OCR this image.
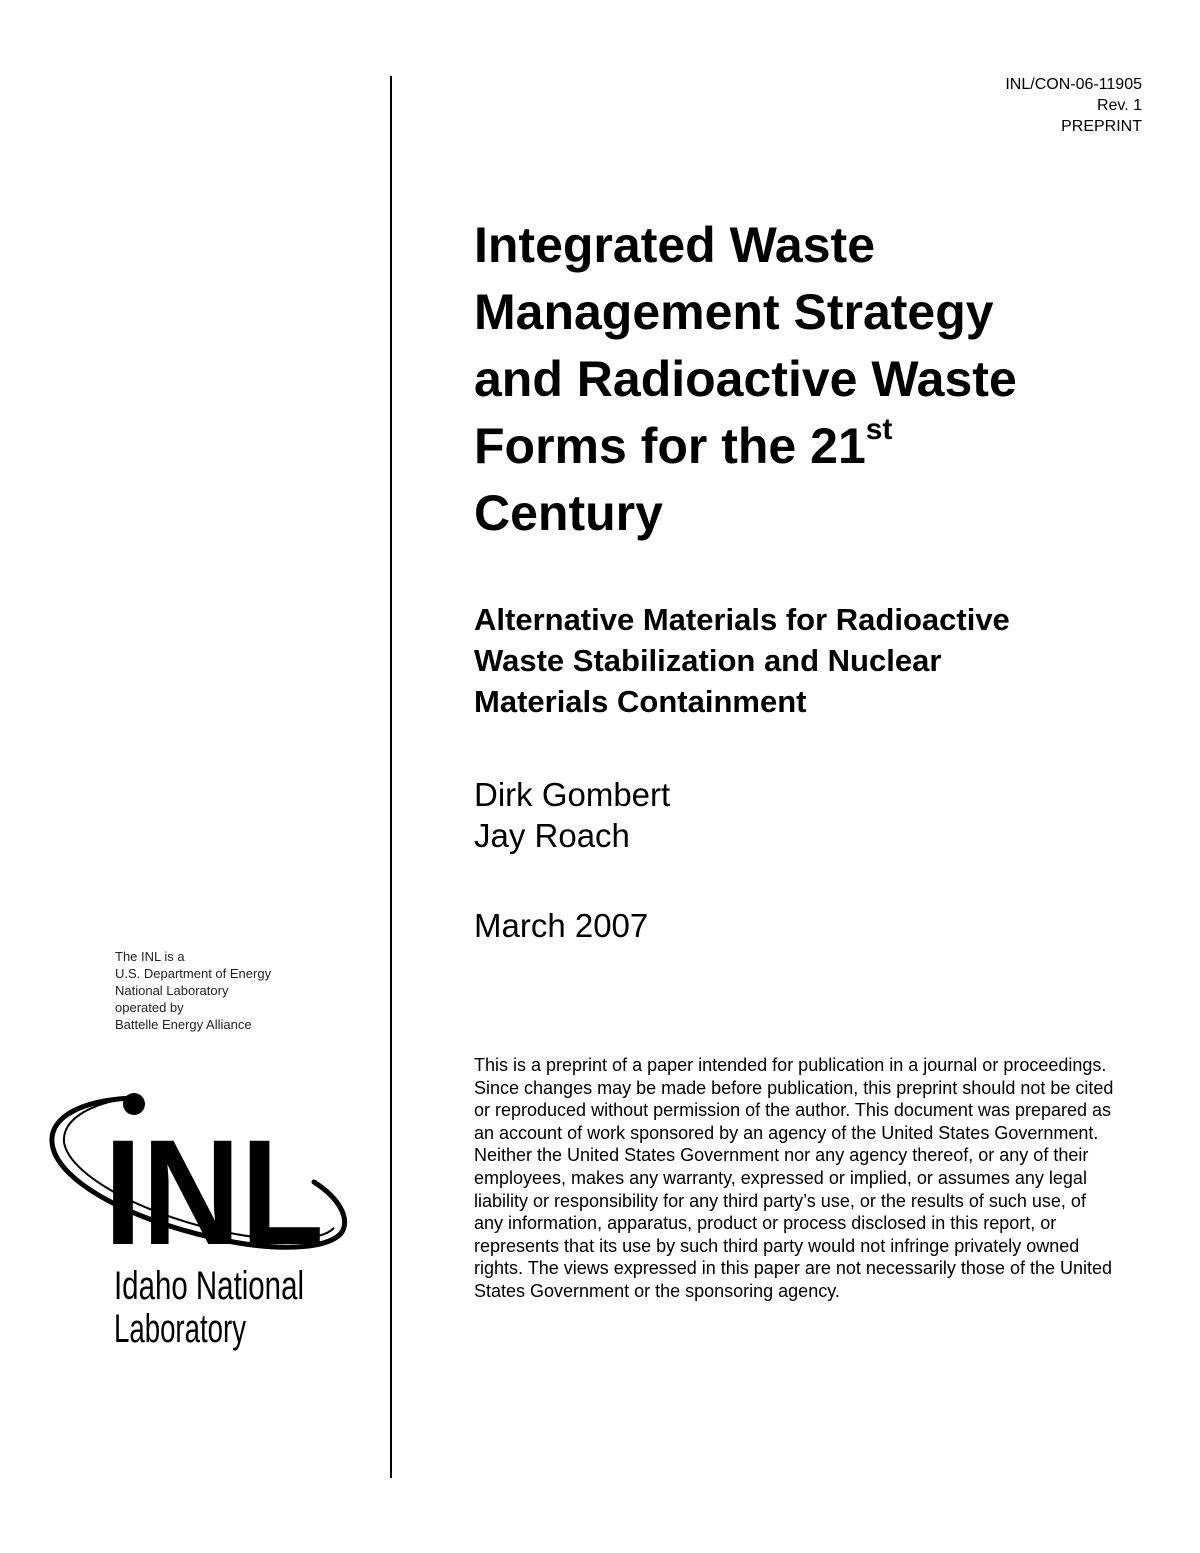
INL/CON-06-11905
Rev. 1
PREPRINT
Integrated Waste
Management Strategy
and Radioactive Waste
Forms for the 21st
Century
Alternative Materials for Radioactive
Waste Stabilization and Nuclear
Materials Containment
Dirk Gombert
Jay Roach
March 2007

This is a preprint of a paper intended for publication in a journal or proceedings. Since changes may be made before publication, this preprint should not be cited or reproduced without permission of the author. This document was prepared as an account of work sponsored by an agency of the United States Government. Neither the United States Government nor any agency thereof, or any of their employees, makes any warranty, expressed or implied, or assumes any legal liability or responsibility for any third party’s use, or the results of such use, of any information, apparatus, product or process disclosed in this report, or represents that its use by such third party would not infringe privately owned rights. The views expressed in this paper are not necessarily those of the United States Government or the sponsoring agency.

The INL is a
U.S. Department of Energy
National Laboratory
operated by
Battelle Energy Alliance
INL
Idaho National
Laboratory
